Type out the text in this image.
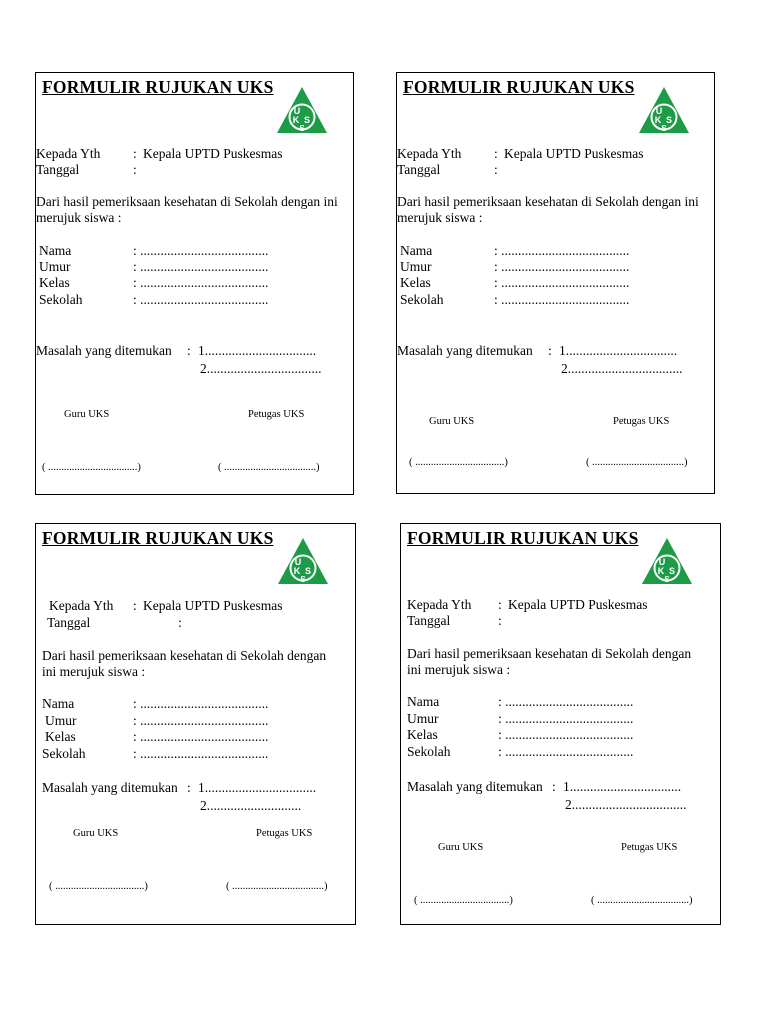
FORMULIR RUJUKAN UKS
U
K S
S
Kepada Yth : Kepala UPTD Puskesmas
Tanggal	:
Dari hasil pemeriksaan kesehatan di Sekolah dengan ini
merujuk siswa :
Nama	: ......................................
Umur	: ......................................
Kelas	: ......................................
Sekolah	: ......................................
Masalah yang ditemukan : 1.................................
2..................................
Guru UKS	Petugas UKS
( ..................................)	( ...................................)
FORMULIR RUJUKAN UKS
U
K S
S
Kepada Yth : Kepala UPTD Puskesmas
Tanggal	:
Dari hasil pemeriksaan kesehatan di Sekolah dengan ini
merujuk siswa :
Nama	: ......................................
Umur	: ......................................
Kelas	: ......................................
Sekolah	: ......................................
Masalah yang ditemukan : 1.................................
2..................................
Guru UKS	Petugas UKS
( ..................................)	( ...................................)
FORMULIR RUJUKAN UKS
U
K S
S
Kepada Yth : Kepala UPTD Puskesmas
Tanggal	:
Dari hasil pemeriksaan kesehatan di Sekolah dengan
ini merujuk siswa :
Nama	: ......................................
Umur	: ......................................
Kelas	: ......................................
Sekolah	: ......................................
Masalah yang ditemukan : 1.................................
2............................
Guru UKS	Petugas UKS
( ..................................)	( ...................................)
FORMULIR RUJUKAN UKS
U
K S
S
Kepada Yth : Kepala UPTD Puskesmas
Tanggal	:
Dari hasil pemeriksaan kesehatan di Sekolah dengan
ini merujuk siswa :
Nama	: ......................................
Umur	: ......................................
Kelas	: ......................................
Sekolah	: ......................................
Masalah yang ditemukan : 1.................................
2..................................
Guru UKS	Petugas UKS
( ..................................)	( ...................................)
